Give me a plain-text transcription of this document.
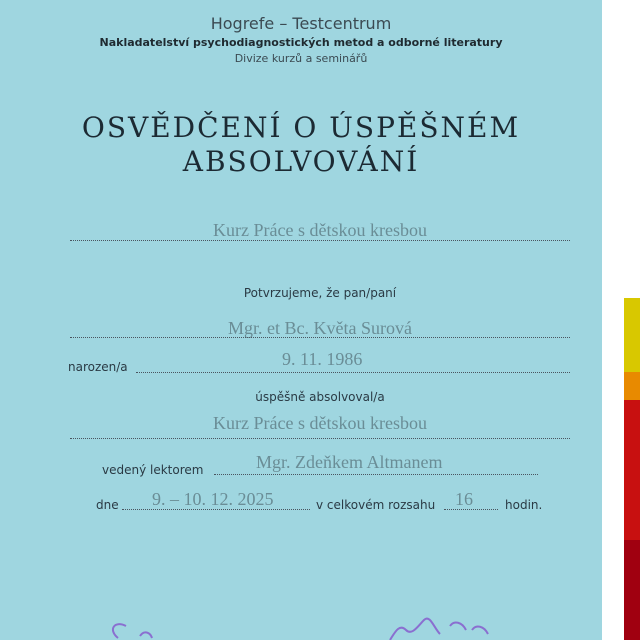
Hogrefe – Testcentrum
Nakladatelství psychodiagnostických metod a odborné literatury
Divize kurzů a seminářů
OSVĚDČENÍ O ÚSPĚŠNÉM
ABSOLVOVÁNÍ
Kurz Práce s dětskou kresbou
Potvrzujeme, že pan/paní
Mgr. et Bc. Květa Surová
narozen/a	9. 11. 1986
úspěšně absolvoval/a
Kurz Práce s dětskou kresbou
vedený lektorem	Mgr. Zdeňkem Altmanem
dne 9. – 10. 12. 2025	v celkovém rozsahu 16	hodin.
